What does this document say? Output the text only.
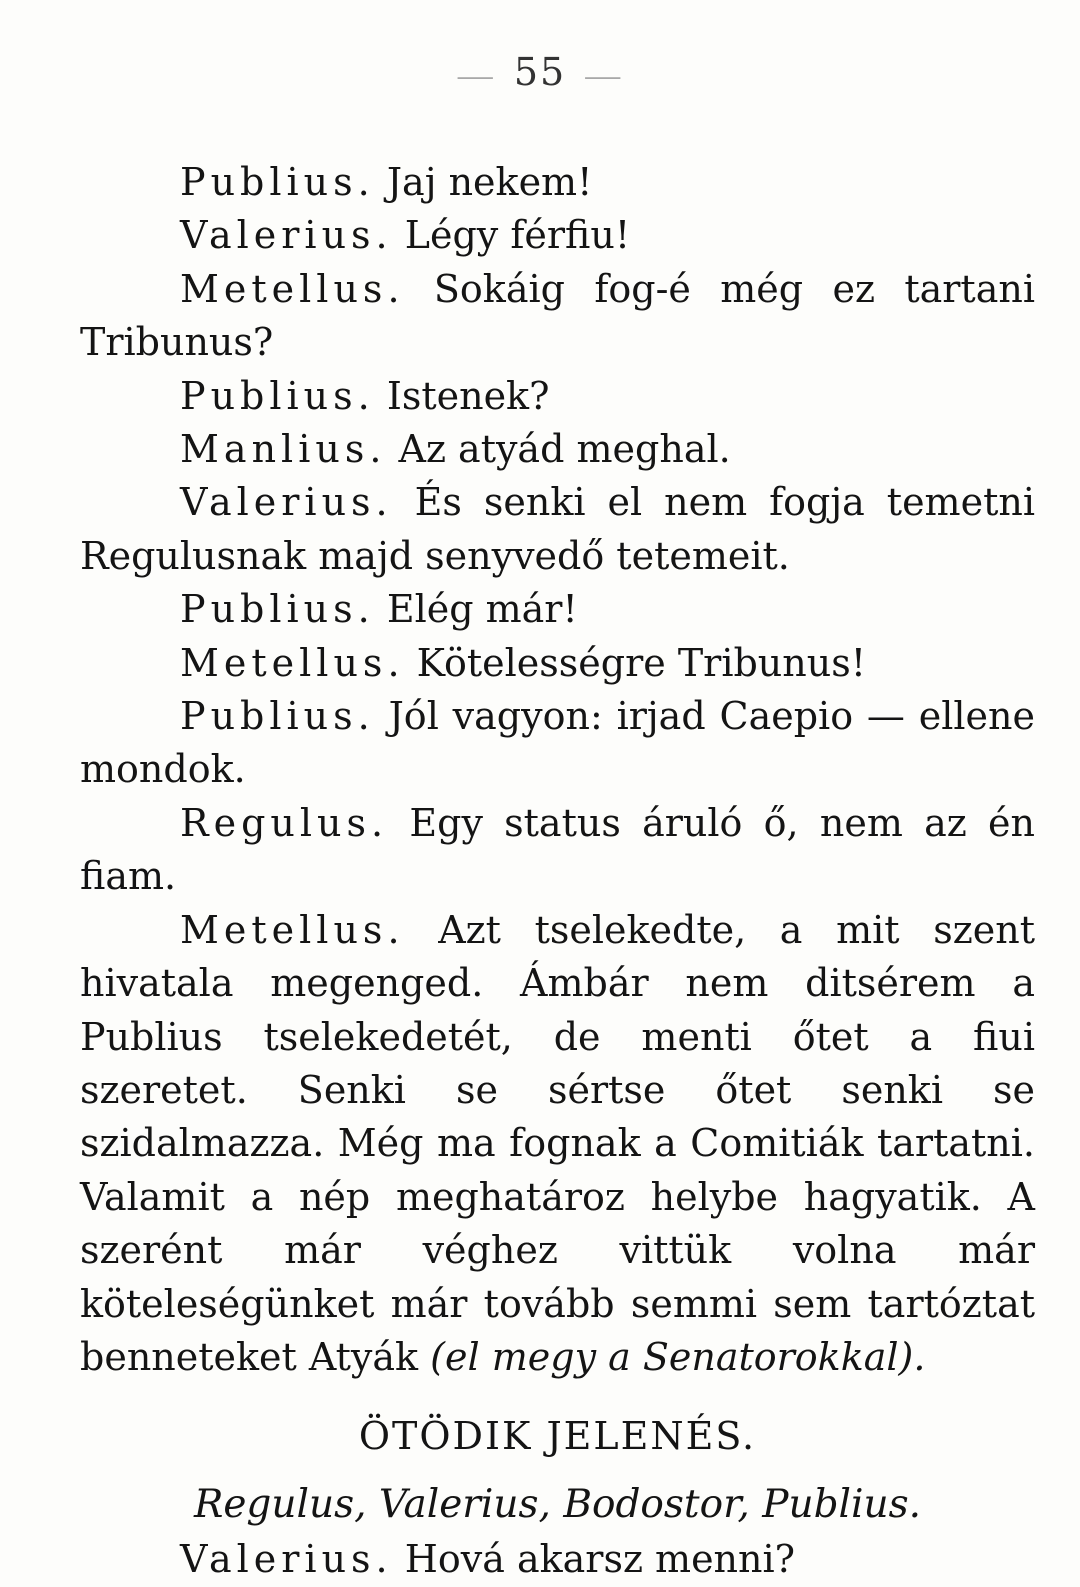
⸺ 55 ⸺

Publius. Jaj nekem!

Valerius. Légy férfiu!

Metellus. Sokáig fog-é még ez tartani Tribunus?

Publius. Istenek?

Manlius. Az atyád meghal.

Valerius. És senki el nem fogja temetni Regulusnak majd senyvedő tetemeit.

Publius. Elég már!

Metellus. Kötelességre Tribunus!

Publius. Jól vagyon: irjad Caepio — ellene mondok.

Regulus. Egy status áruló ő, nem az én fiam.

Metellus. Azt tselekedte, a mit szent hivatala megenged. Ámbár nem ditsérem a Publius tselekedetét, de menti őtet a fiui szeretet. Senki se sértse őtet senki se szidalmazza. Még ma fognak a Comitiák tartatni. Valamit a nép meghatároz helybe hagyatik. A szerént már véghez vittük volna már köteleségünket már tovább semmi sem tartóztat benneteket Atyák (el megy a Senatorokkal).

ÖTÖDIK JELENÉS.

Regulus, Valerius, Bodostor, Publius.

Valerius. Hová akarsz menni?
